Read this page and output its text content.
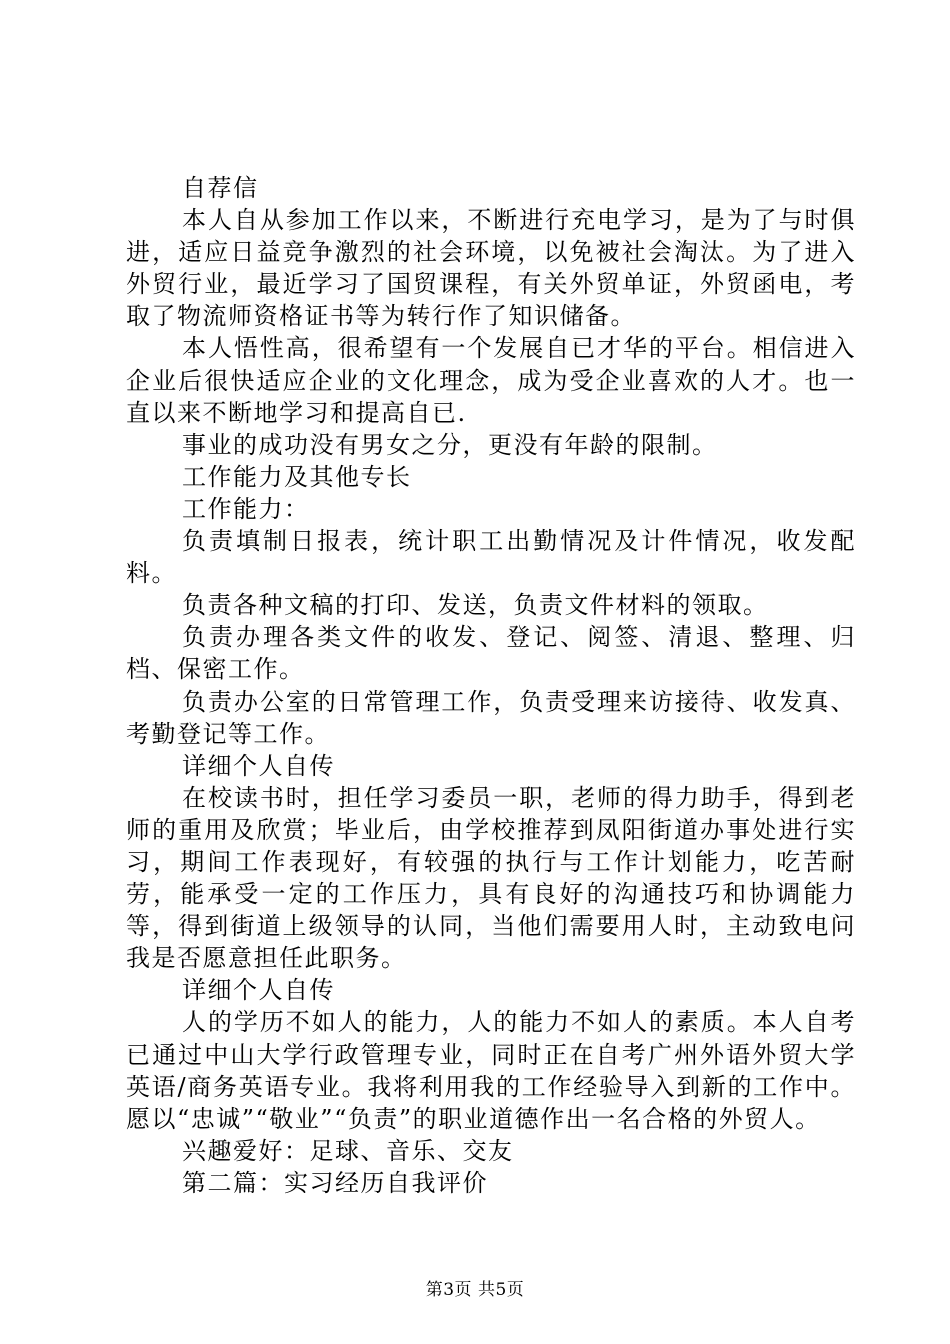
自荐信

本人自从参加工作以来，不断进行充电学习，是为了与时俱进，适应日益竞争激烈的社会环境，以免被社会淘汰。为了进入外贸行业，最近学习了国贸课程，有关外贸单证，外贸函电，考取了物流师资格证书等为转行作了知识储备。

本人悟性高，很希望有一个发展自已才华的平台。相信进入企业后很快适应企业的文化理念，成为受企业喜欢的人才。也一直以来不断地学习和提高自已.

事业的成功没有男女之分，更没有年龄的限制。

工作能力及其他专长

工作能力：

负责填制日报表，统计职工出勤情况及计件情况，收发配料。

负责各种文稿的打印、发送，负责文件材料的领取。

负责办理各类文件的收发、登记、阅签、清退、整理、归档、保密工作。

负责办公室的日常管理工作，负责受理来访接待、收发真、考勤登记等工作。

详细个人自传

在校读书时，担任学习委员一职，老师的得力助手，得到老师的重用及欣赏；毕业后，由学校推荐到凤阳街道办事处进行实习，期间工作表现好，有较强的执行与工作计划能力，吃苦耐劳，能承受一定的工作压力，具有良好的沟通技巧和协调能力等，得到街道上级领导的认同，当他们需要用人时，主动致电问我是否愿意担任此职务。

详细个人自传

人的学历不如人的能力，人的能力不如人的素质。本人自考已通过中山大学行政管理专业，同时正在自考广州外语外贸大学英语/商务英语专业。我将利用我的工作经验导入到新的工作中。愿以“忠诚”“敬业”“负责”的职业道德作出一名合格的外贸人。

兴趣爱好：足球、音乐、交友

第二篇：实习经历自我评价

第3页 共5页
